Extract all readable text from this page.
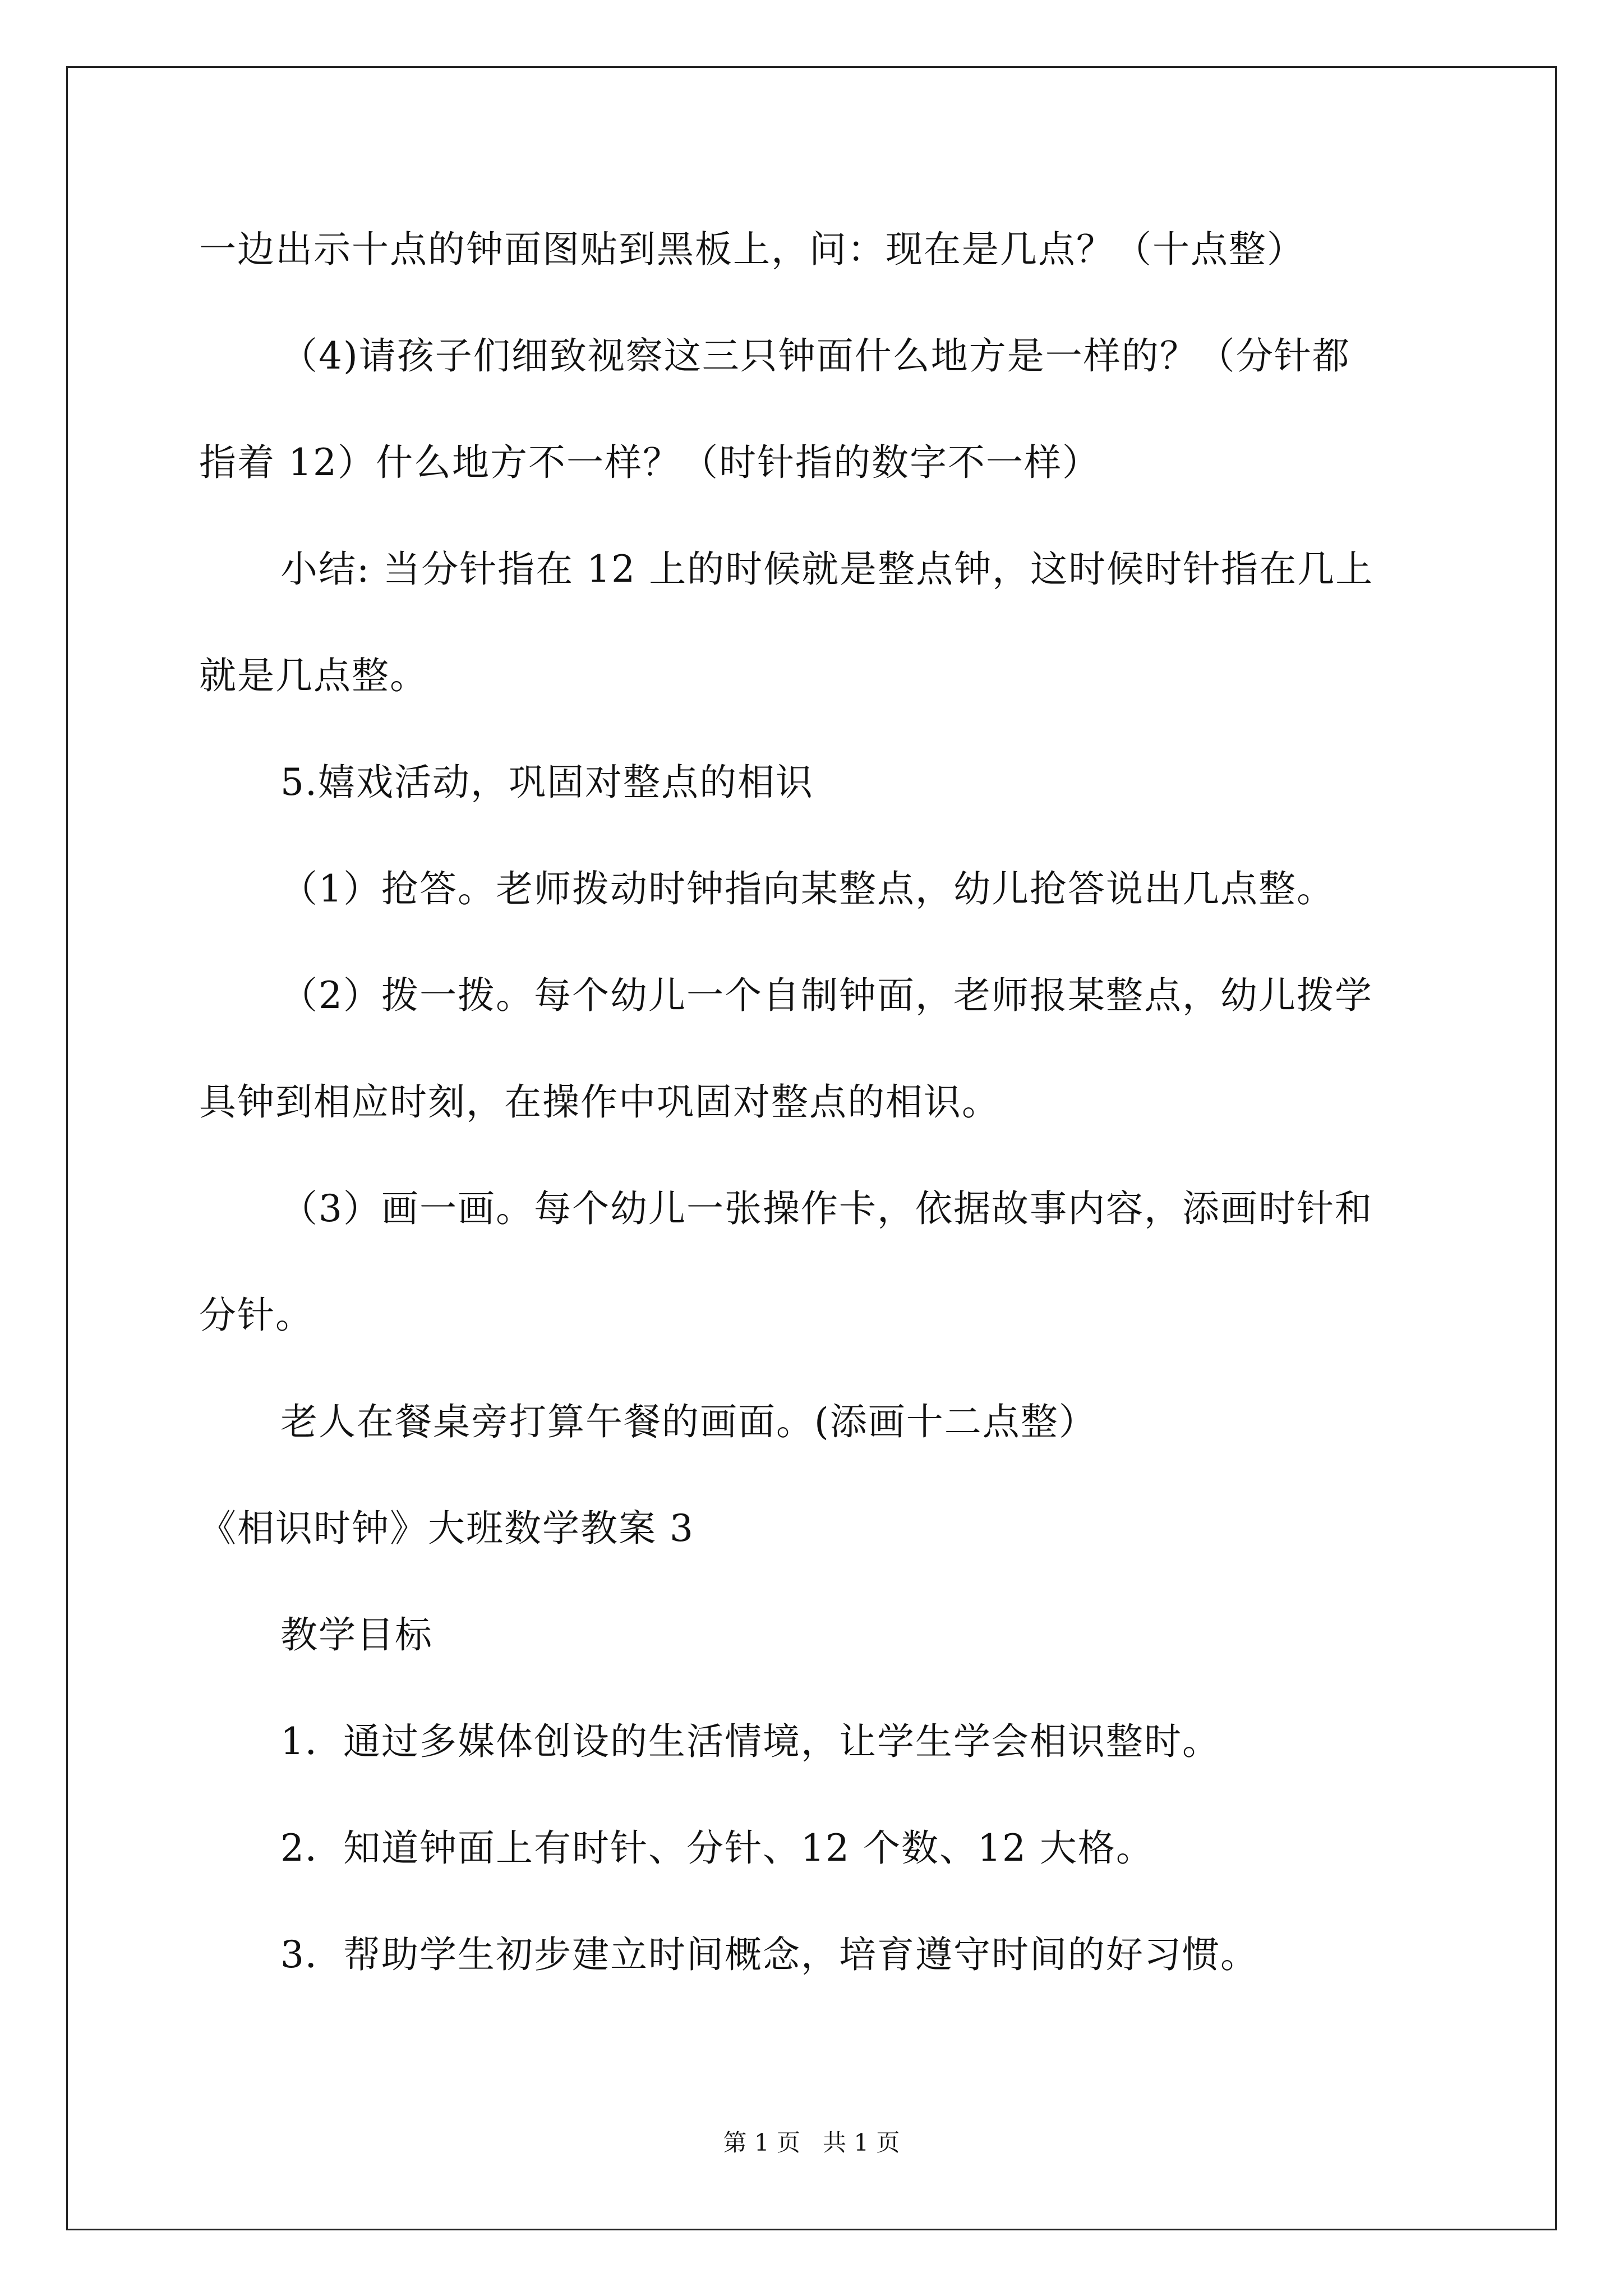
一边出示十点的钟面图贴到黑板上，问：现在是几点？（十点整）

（4)请孩子们细致视察这三只钟面什么地方是一样的？（分针都

指着 12）什么地方不一样？（时针指的数字不一样）

小结: 当分针指在 12 上的时候就是整点钟，这时候时针指在几上

就是几点整。

5.嬉戏活动，巩固对整点的相识

（1）抢答。老师拨动时钟指向某整点，幼儿抢答说出几点整。

（2）拨一拨。每个幼儿一个自制钟面，老师报某整点，幼儿拨学

具钟到相应时刻，在操作中巩固对整点的相识。

（3）画一画。每个幼儿一张操作卡，依据故事内容，添画时针和

分针。

老人在餐桌旁打算午餐的画面。(添画十二点整）

《相识时钟》大班数学教案 3

教学目标

1．通过多媒体创设的生活情境，让学生学会相识整时。

2．知道钟面上有时针、分针、12 个数、12 大格。

3．帮助学生初步建立时间概念，培育遵守时间的好习惯。

第 1 页   共 1 页
